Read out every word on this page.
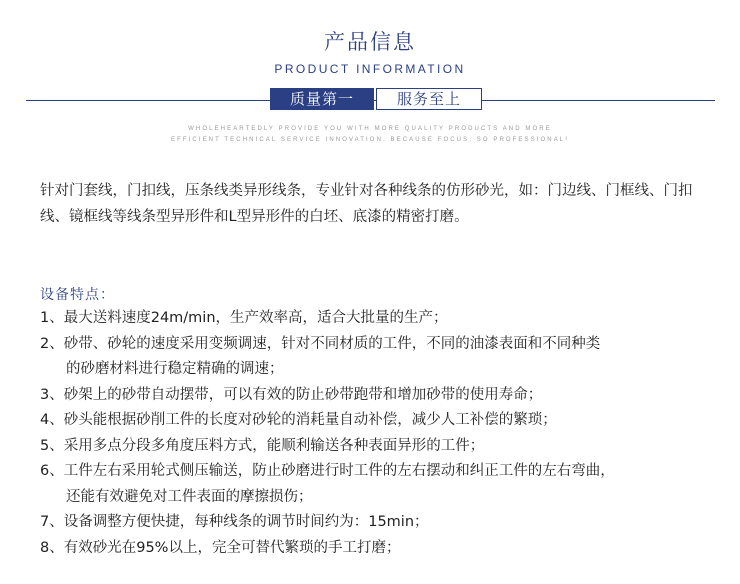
产品信息
PRODUCT INFORMATION
质量第一	服务至上
WHOLEHEARTEDLY PROVIDE YOU WITH MORE QUALITY PRODUCTS AND MORE
EFFICIENT TECHNICAL SERVICE INNOVATION. BECAUSE FOCUS, SO PROFESSIONAL!
针对门套线，门扣线，压条线类异形线条，专业针对各种线条的仿形砂光，如：门边线、门框线、门扣线、镜框线等线条型异形件和L型异形件的白坯、底漆的精密打磨。
设备特点：
1、最大送料速度24m/min，生产效率高，适合大批量的生产；
2、砂带、砂轮的速度采用变频调速，针对不同材质的工件，不同的油漆表面和不同种类
的砂磨材料进行稳定精确的调速；
3、砂架上的砂带自动摆带，可以有效的防止砂带跑带和增加砂带的使用寿命；
4、砂头能根据砂削工件的长度对砂轮的消耗量自动补偿，减少人工补偿的繁琐；
5、采用多点分段多角度压料方式，能顺利输送各种表面异形的工件；
6、工件左右采用轮式侧压输送，防止砂磨进行时工件的左右摆动和纠正工件的左右弯曲，
还能有效避免对工件表面的摩擦损伤；
7、设备调整方便快捷，每种线条的调节时间约为：15min；
8、有效砂光在95%以上，完全可替代繁琐的手工打磨；
